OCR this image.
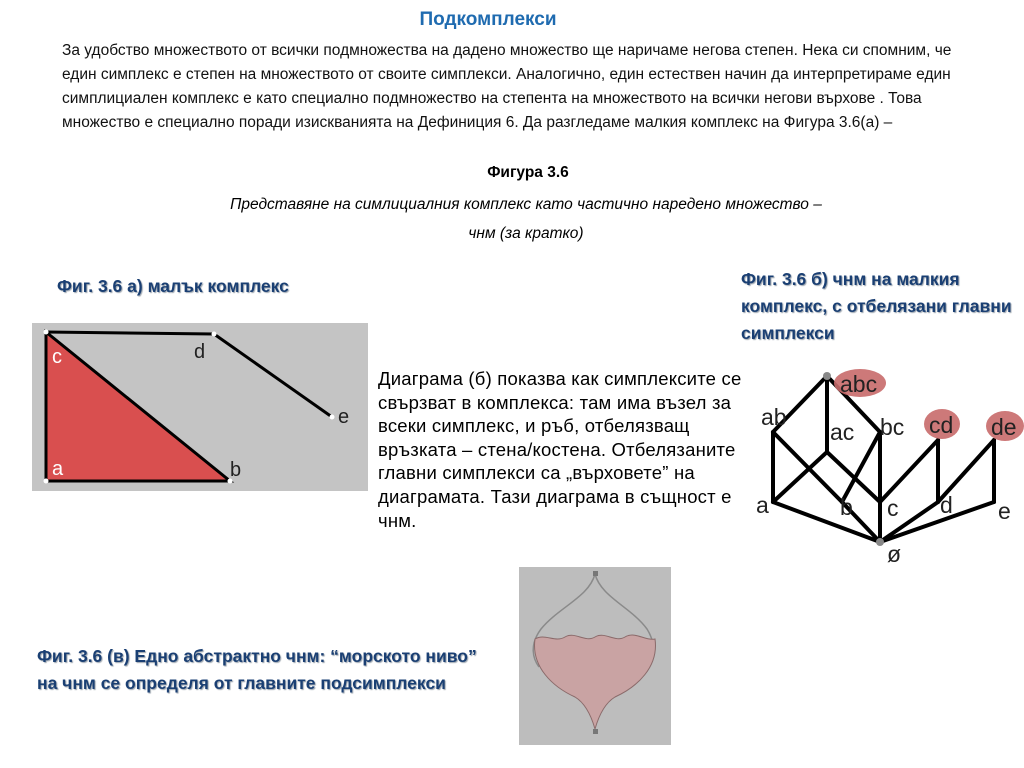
Подкомплекси
За удобство множеството от всички подмножества на дадено множество ще наричаме негова степен. Нека си спомним, че един симплекс е степен на множеството от своите симплекси. Аналогично, един естествен начин да интерпретираме един симплициален комплекс е като специално подмножество на степента на множеството на всички негови върхове . Това множество е специално поради изискванията на Дефиниция 6. Да разгледаме малкия комплекс на Фигура 3.6(а) –
Фигура 3.6
Представяне на симлициалния комплекс като частично наредено множество –
чнм (за кратко)
Фиг. 3.6 а) малък комплекс	Фиг. 3.6 б) чнм на малкия комплекс, с отбелязани главни симплекси
c	d
e
a	b
Диаграма (б) показва как симплексите се свързват в комплекса: там има възел за всеки симплекс, и ръб, отбелязващ връзката – стена/костена. Отбелязаните главни симплекси са „върховете” на диаграмата. Тази диаграма в същност е чнм.
abc
ab
ac bc cd de
a	b c d e
ø
Фиг. 3.6 (в) Едно абстрактно чнм: “морското ниво” на чнм се определя от главните подсимплекси
